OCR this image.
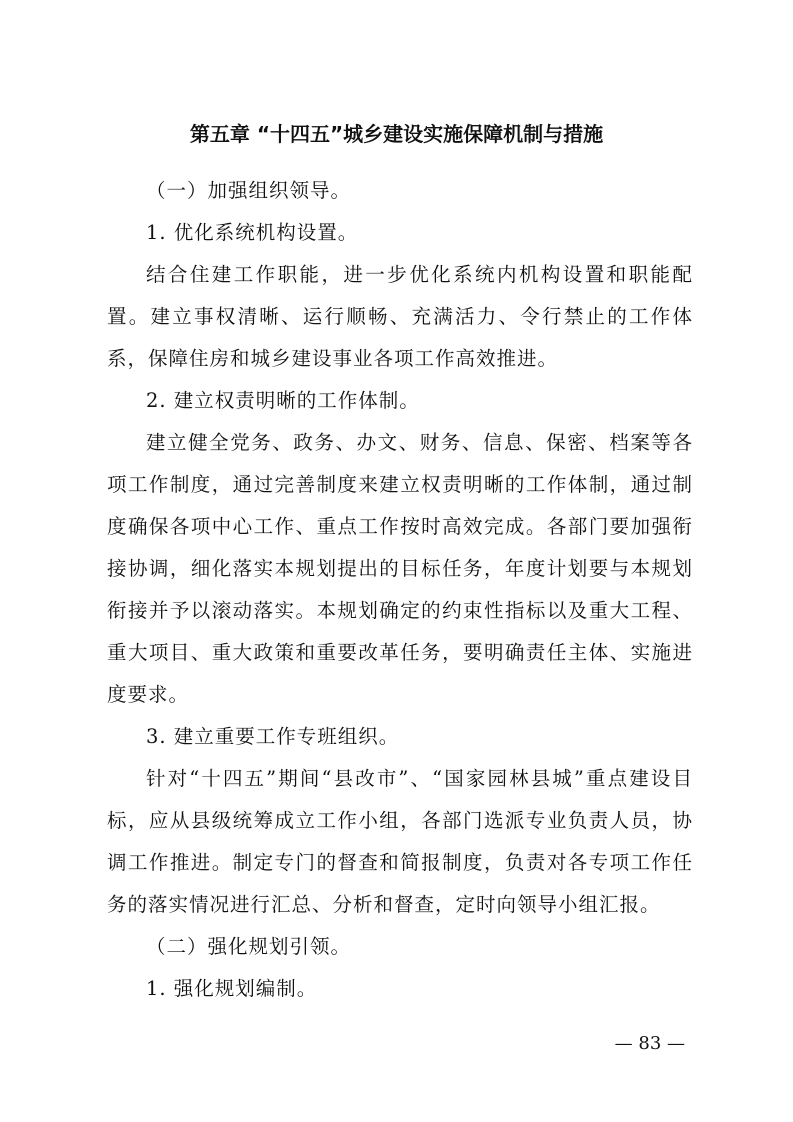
第五章 “十四五”城乡建设实施保障机制与措施

（一）加强组织领导。

1. 优化系统机构设置。

结合住建工作职能，进一步优化系统内机构设置和职能配置。建立事权清晰、运行顺畅、充满活力、令行禁止的工作体系，保障住房和城乡建设事业各项工作高效推进。

2. 建立权责明晰的工作体制。

建立健全党务、政务、办文、财务、信息、保密、档案等各项工作制度，通过完善制度来建立权责明晰的工作体制，通过制度确保各项中心工作、重点工作按时高效完成。各部门要加强衔接协调，细化落实本规划提出的目标任务，年度计划要与本规划衔接并予以滚动落实。本规划确定的约束性指标以及重大工程、重大项目、重大政策和重要改革任务，要明确责任主体、实施进度要求。

3. 建立重要工作专班组织。

针对“十四五”期间“县改市”、“国家园林县城”重点建设目标，应从县级统筹成立工作小组，各部门选派专业负责人员，协调工作推进。制定专门的督查和简报制度，负责对各专项工作任务的落实情况进行汇总、分析和督查，定时向领导小组汇报。

（二）强化规划引领。

1. 强化规划编制。

— 83 —
